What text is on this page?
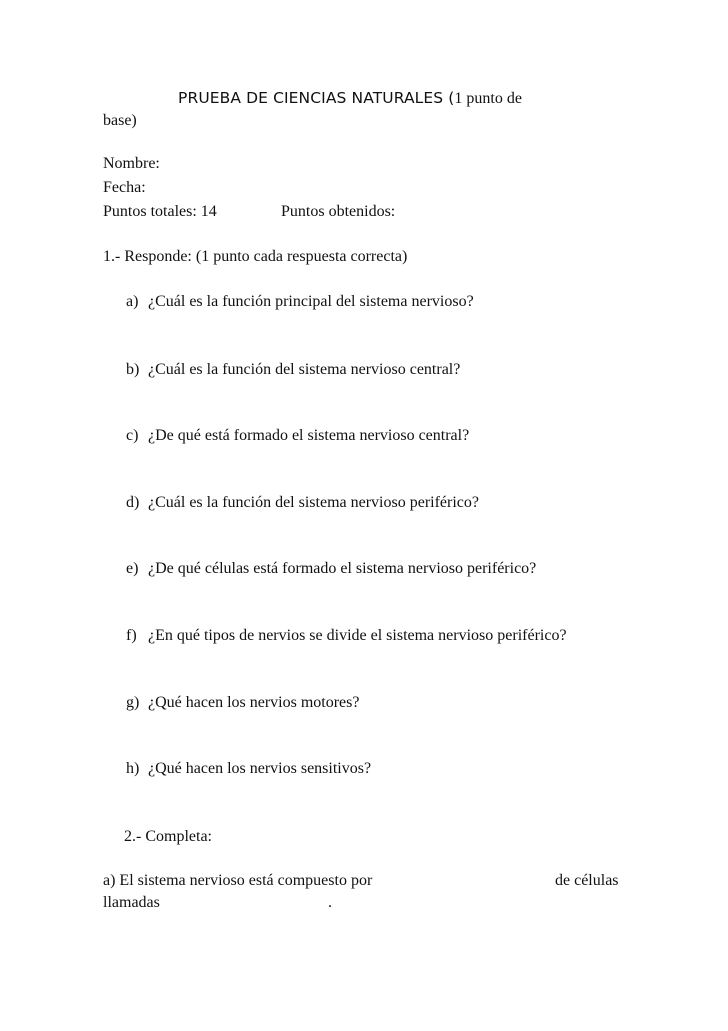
PRUEBA DE CIENCIAS NATURALES (1 punto de
base)
Nombre:
Fecha:
Puntos totales: 14	Puntos obtenidos:
1.- Responde: (1 punto cada respuesta correcta)
a) ¿Cuál es la función principal del sistema nervioso?
b) ¿Cuál es la función del sistema nervioso central?
c) ¿De qué está formado el sistema nervioso central?
d) ¿Cuál es la función del sistema nervioso periférico?
e) ¿De qué células está formado el sistema nervioso periférico?
f) ¿En qué tipos de nervios se divide el sistema nervioso periférico?
g) ¿Qué hacen los nervios motores?
h) ¿Qué hacen los nervios sensitivos?
2.- Completa:
a) El sistema nervioso está compuesto por	de células
llamadas	.
